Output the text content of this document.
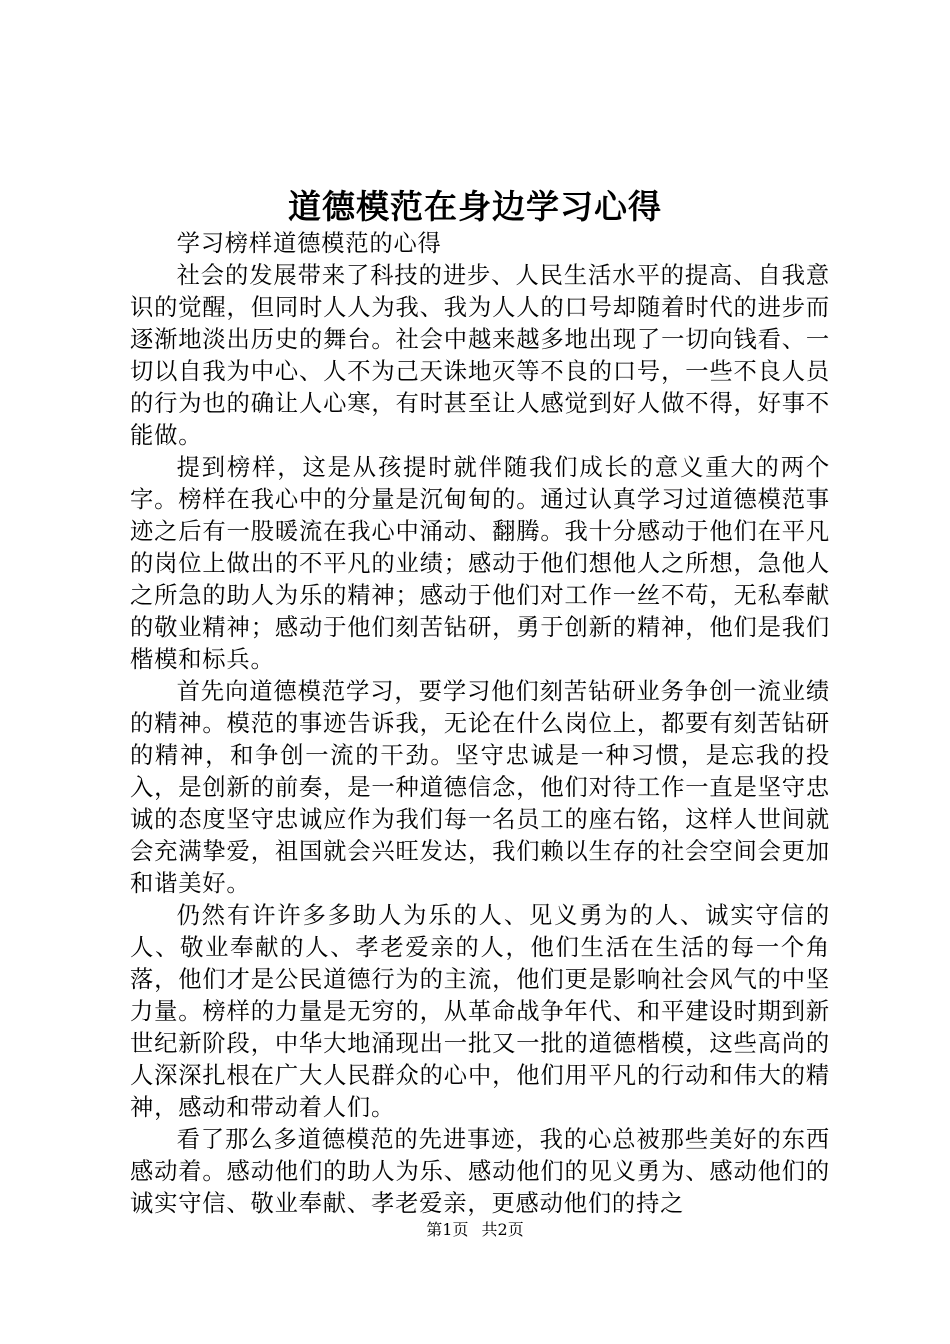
道德模范在身边学习心得

学习榜样道德模范的心得

社会的发展带来了科技的进步、人民生活水平的提高、自我意识的觉醒，但同时人人为我、我为人人的口号却随着时代的进步而逐渐地淡出历史的舞台。社会中越来越多地出现了一切向钱看、一切以自我为中心、人不为己天诛地灭等不良的口号，一些不良人员的行为也的确让人心寒，有时甚至让人感觉到好人做不得，好事不能做。

提到榜样，这是从孩提时就伴随我们成长的意义重大的两个字。榜样在我心中的分量是沉甸甸的。通过认真学习过道德模范事迹之后有一股暖流在我心中涌动、翻腾。我十分感动于他们在平凡的岗位上做出的不平凡的业绩；感动于他们想他人之所想，急他人之所急的助人为乐的精神；感动于他们对工作一丝不苟，无私奉献的敬业精神；感动于他们刻苦钻研，勇于创新的精神，他们是我们楷模和标兵。

首先向道德模范学习，要学习他们刻苦钻研业务争创一流业绩的精神。模范的事迹告诉我，无论在什么岗位上，都要有刻苦钻研的精神，和争创一流的干劲。坚守忠诚是一种习惯，是忘我的投入，是创新的前奏，是一种道德信念，他们对待工作一直是坚守忠诚的态度坚守忠诚应作为我们每一名员工的座右铭，这样人世间就会充满挚爱，祖国就会兴旺发达，我们赖以生存的社会空间会更加和谐美好。

仍然有许许多多助人为乐的人、见义勇为的人、诚实守信的人、敬业奉献的人、孝老爱亲的人，他们生活在生活的每一个角落，他们才是公民道德行为的主流，他们更是影响社会风气的中坚力量。榜样的力量是无穷的，从革命战争年代、和平建设时期到新世纪新阶段，中华大地涌现出一批又一批的道德楷模，这些高尚的人深深扎根在广大人民群众的心中，他们用平凡的行动和伟大的精神，感动和带动着人们。

看了那么多道德模范的先进事迹，我的心总被那些美好的东西感动着。感动他们的助人为乐、感动他们的见义勇为、感动他们的诚实守信、敬业奉献、孝老爱亲，更感动他们的持之

第1页 共2页
